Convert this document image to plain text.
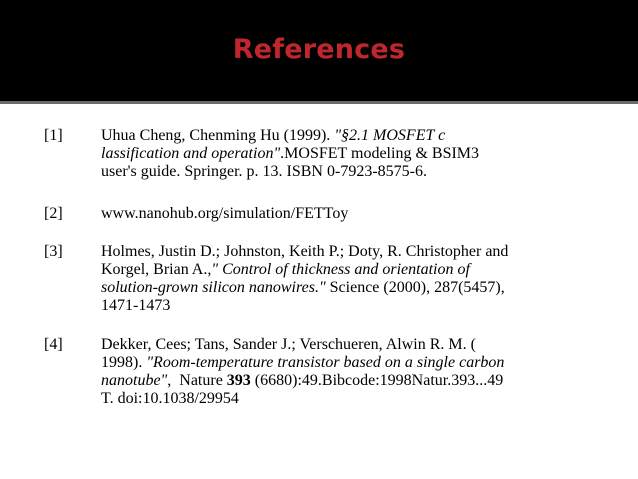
References
[1] Uhua Cheng, Chenming Hu (1999). "§2.1 MOSFET c
lassification and operation".MOSFET modeling & BSIM3
user's guide. Springer. p. 13. ISBN 0-7923-8575-6.
[2] www.nanohub.org/simulation/FETToy
[3] Holmes, Justin D.; Johnston, Keith P.; Doty, R. Christopher and
Korgel, Brian A.," Control of thickness and orientation of
solution-grown silicon nanowires." Science (2000), 287(5457),
1471-1473
[4] Dekker, Cees; Tans, Sander J.; Verschueren, Alwin R. M. (
1998). "Room-temperature transistor based on a single carbon
nanotube",  Nature 393 (6680):49.Bibcode:1998Natur.393...49
T. doi:10.1038/29954
